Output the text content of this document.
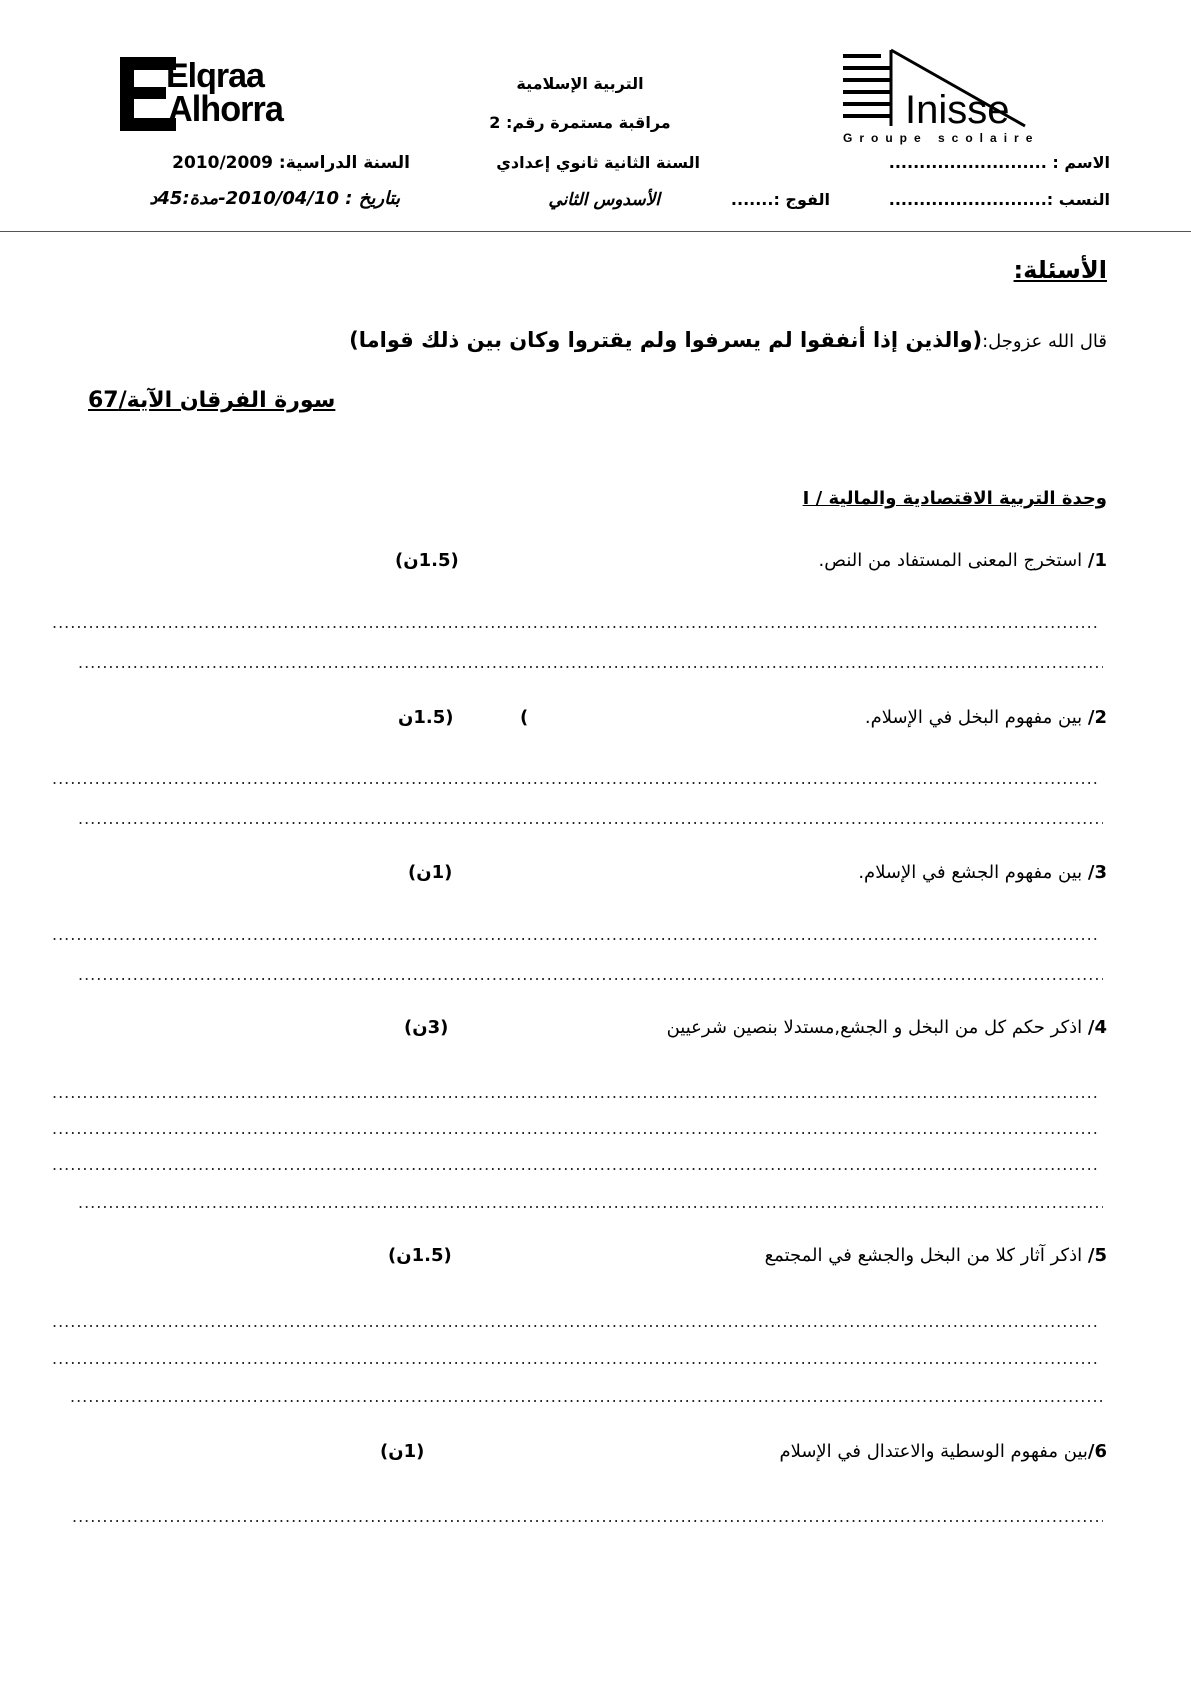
Elqraa
Alhorra	Inisse
Groupe scolaire
التربية الإسلامية
مراقبة مستمرة رقم: 2
السنة الثانية ثانوي إعدادي
الأسدوس الثاني
السنة الدراسية: 2010/2009
بتاريخ : 2010/04/10-مدة:45د
الاسم : ..........................
النسب :..........................
الفوج :.......
الأسئلة:
قال الله عزوجل:(والذين إذا أنفقوا لم يسرفوا ولم يقتروا وكان بين ذلك قواما)
سورة الفرقان الآية/67
I / وحدة التربية الاقتصادية والمالية
1/ استخرج المعنى المستفاد من النص.
(1.5ن)
.....
.....
2/ بين مفهوم البخل في الإسلام.
(
(1.5ن
.....
.....
3/ بين مفهوم الجشع في الإسلام.
(1ن)
.....
.....
4/ اذكر حكم كل من البخل و الجشع,مستدلا بنصين شرعيين
(3ن)
.....
.....
.....
.....
5/ اذكر آثار كلا من البخل والجشع في المجتمع
(1.5ن)
.....
.....
.....
6/بين مفهوم الوسطية والاعتدال في الإسلام
(1ن)
.....
